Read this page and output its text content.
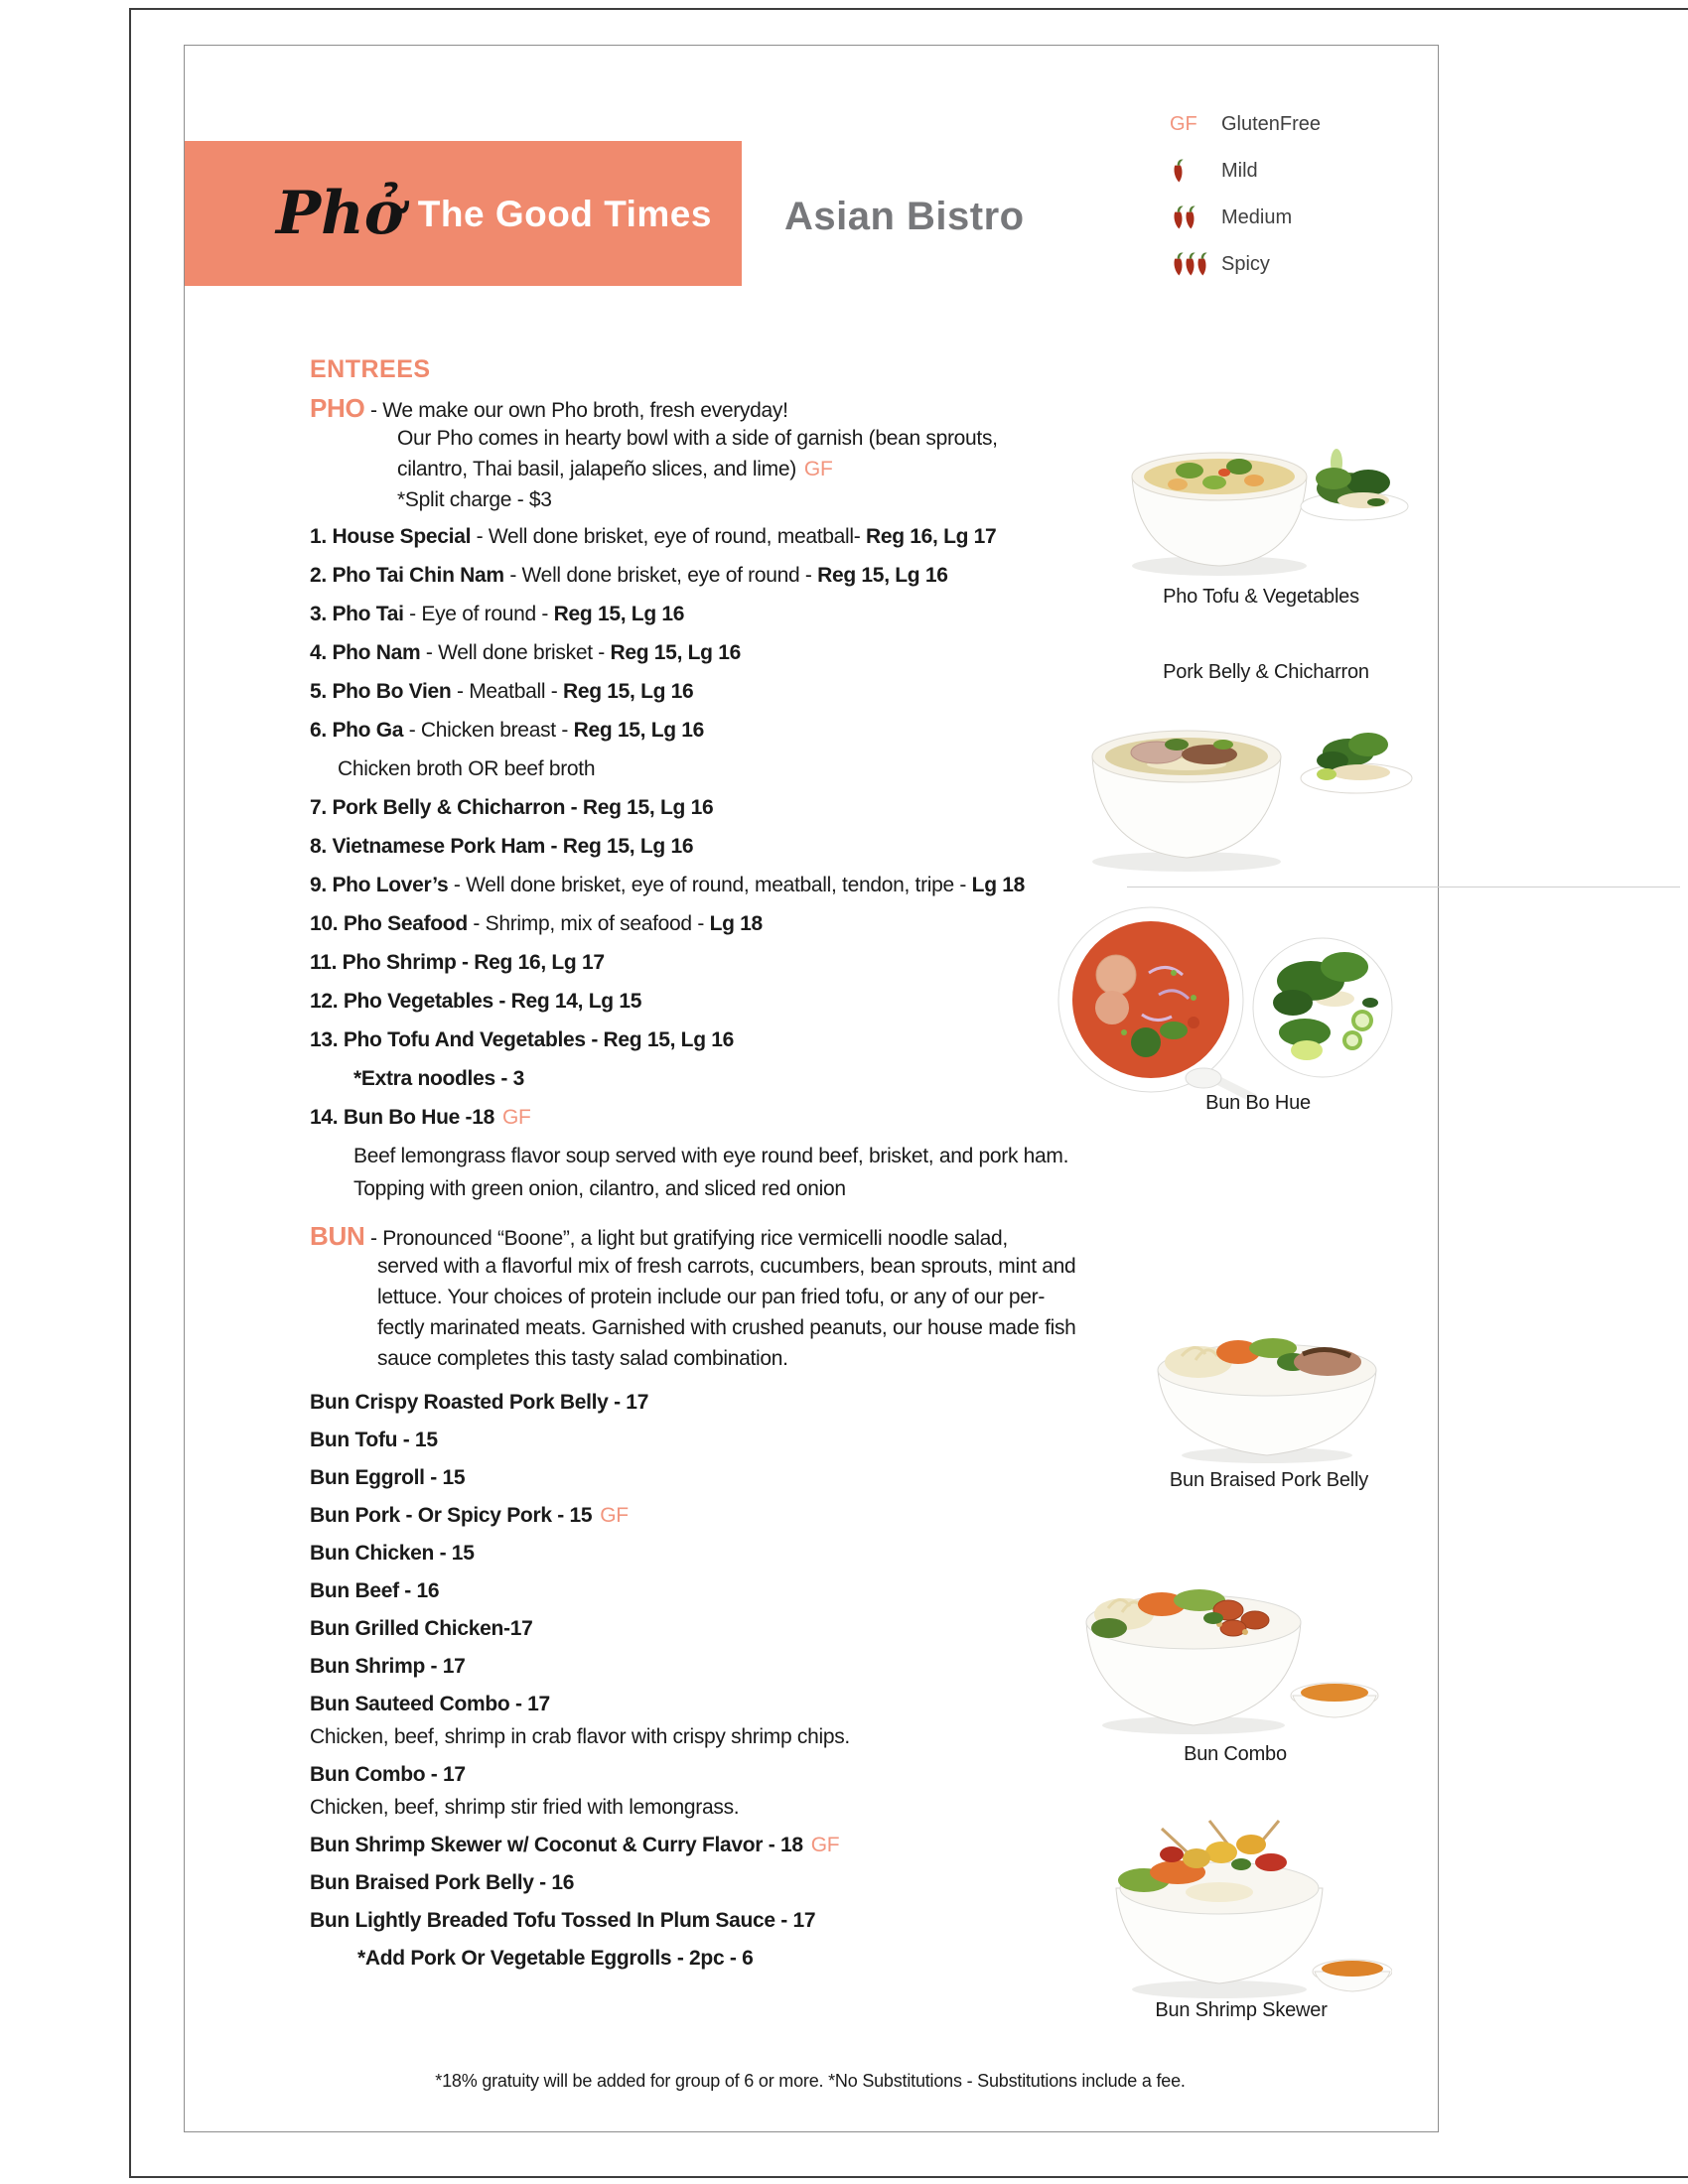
Phở The Good Times Asian Bistro
GF GlutenFree
Mild
Medium
Spicy
ENTREES
PHO - We make our own Pho broth, fresh everyday!
Our Pho comes in hearty bowl with a side of garnish (bean sprouts,
cilantro, Thai basil, jalapeño slices, and lime) GF
*Split charge - $3
1. House Special - Well done brisket, eye of round, meatball- Reg 16, Lg 17
2. Pho Tai Chin Nam - Well done brisket, eye of round - Reg 15, Lg 16
3. Pho Tai - Eye of round - Reg 15, Lg 16
4. Pho Nam - Well done brisket - Reg 15, Lg 16
5. Pho Bo Vien - Meatball - Reg 15, Lg 16
6. Pho Ga - Chicken breast - Reg 15, Lg 16
Chicken broth OR beef broth
7. Pork Belly & Chicharron - Reg 15, Lg 16
8. Vietnamese Pork Ham - Reg 15, Lg 16
9. Pho Lover’s - Well done brisket, eye of round, meatball, tendon, tripe - Lg 18
10. Pho Seafood - Shrimp, mix of seafood - Lg 18
11. Pho Shrimp - Reg 16, Lg 17
12. Pho Vegetables - Reg 14, Lg 15
13. Pho Tofu And Vegetables - Reg 15, Lg 16
*Extra noodles - 3
14. Bun Bo Hue -18 GF
Beef lemongrass flavor soup served with eye round beef, brisket, and pork ham.
Topping with green onion, cilantro, and sliced red onion
BUN - Pronounced “Boone”, a light but gratifying rice vermicelli noodle salad,
served with a flavorful mix of fresh carrots, cucumbers, bean sprouts, mint and
lettuce. Your choices of protein include our pan fried tofu, or any of our per-
fectly marinated meats. Garnished with crushed peanuts, our house made fish
sauce completes this tasty salad combination.
Bun Crispy Roasted Pork Belly - 17
Bun Tofu - 15
Bun Eggroll - 15
Bun Pork - Or Spicy Pork - 15 GF
Bun Chicken - 15
Bun Beef - 16
Bun Grilled Chicken-17
Bun Shrimp - 17
Bun Sauteed Combo - 17
Chicken, beef, shrimp in crab flavor with crispy shrimp chips.
Bun Combo - 17
Chicken, beef, shrimp stir fried with lemongrass.
Bun Shrimp Skewer w/ Coconut & Curry Flavor - 18 GF
Bun Braised Pork Belly - 16
Bun Lightly Breaded Tofu Tossed In Plum Sauce - 17
*Add Pork Or Vegetable Eggrolls - 2pc - 6
Pho Tofu & Vegetables
Pork Belly & Chicharron
Bun Bo Hue
Bun Braised Pork Belly
Bun Combo
Bun Shrimp Skewer
*18% gratuity will be added for group of 6 or more. *No Substitutions - Substitutions include a fee.
